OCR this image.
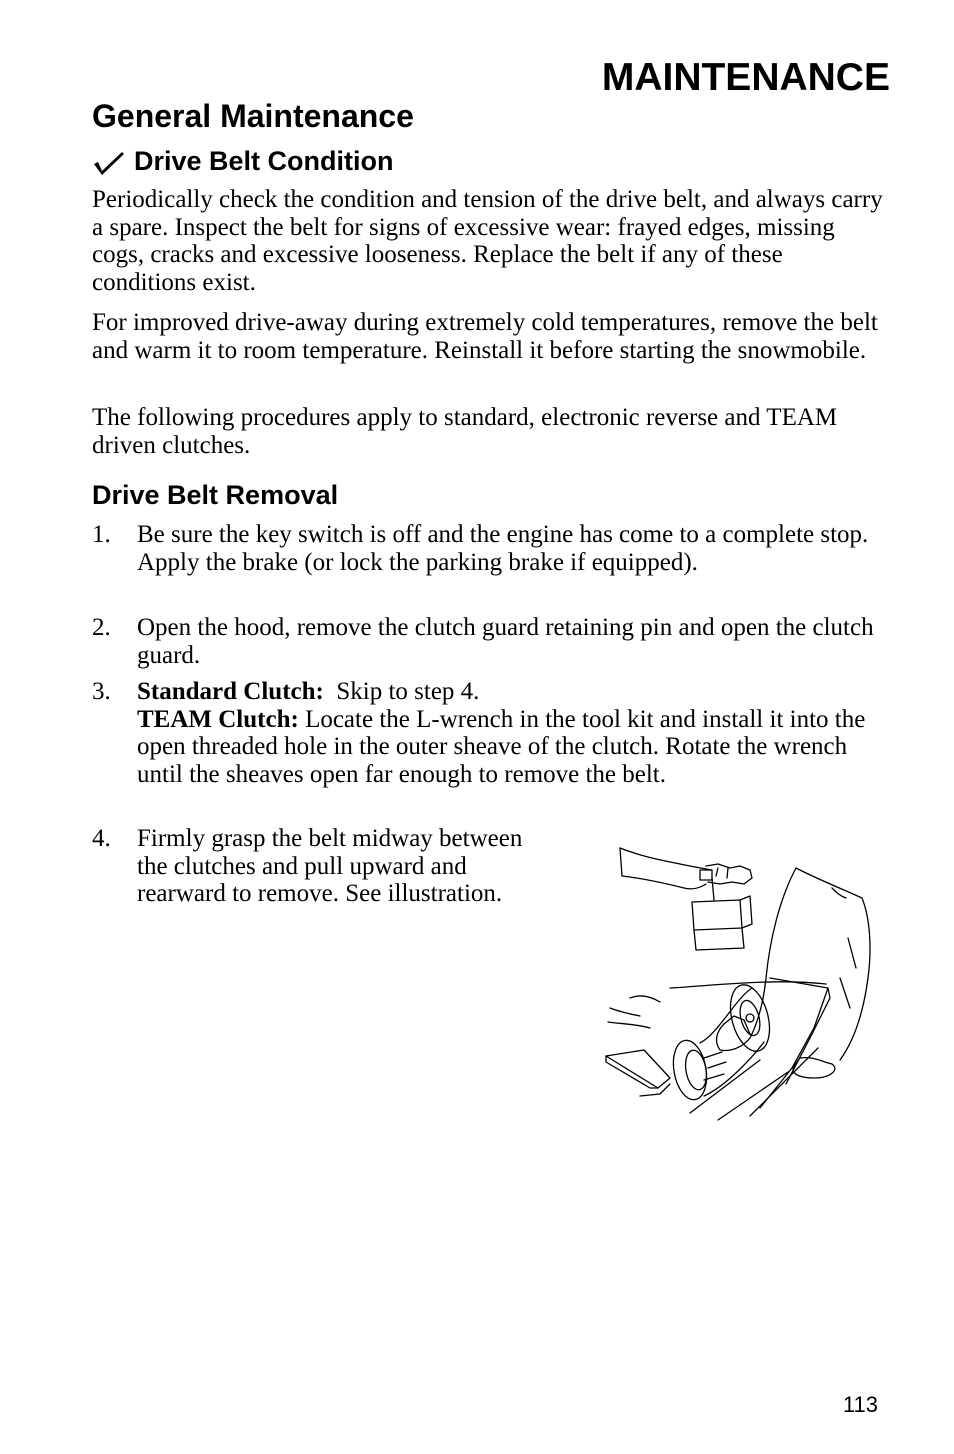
MAINTENANCE
General Maintenance
Drive Belt Condition

Periodically check the condition and tension of the drive belt, and always carry a spare. Inspect the belt for signs of excessive wear: frayed edges, missing cogs, cracks and excessive looseness. Replace the belt if any of these conditions exist.

For improved drive-away during extremely cold temperatures, remove the belt and warm it to room temperature. Reinstall it before starting the snowmobile.

The following procedures apply to standard, electronic reverse and TEAM driven clutches.

Drive Belt Removal
1.	Be sure the key switch is off and the engine has come to a complete stop. Apply the brake (or lock the parking brake if equipped).
2.	Open the hood, remove the clutch guard retaining pin and open the clutch guard.
3.	Standard Clutch: Skip to step 4.
TEAM Clutch: Locate the L-wrench in the tool kit and install it into the open threaded hole in the outer sheave of the clutch. Rotate the wrench until the sheaves open far enough to remove the belt.
4.	Firmly grasp the belt midway between the clutches and pull upward and rearward to remove. See illustration.

113
